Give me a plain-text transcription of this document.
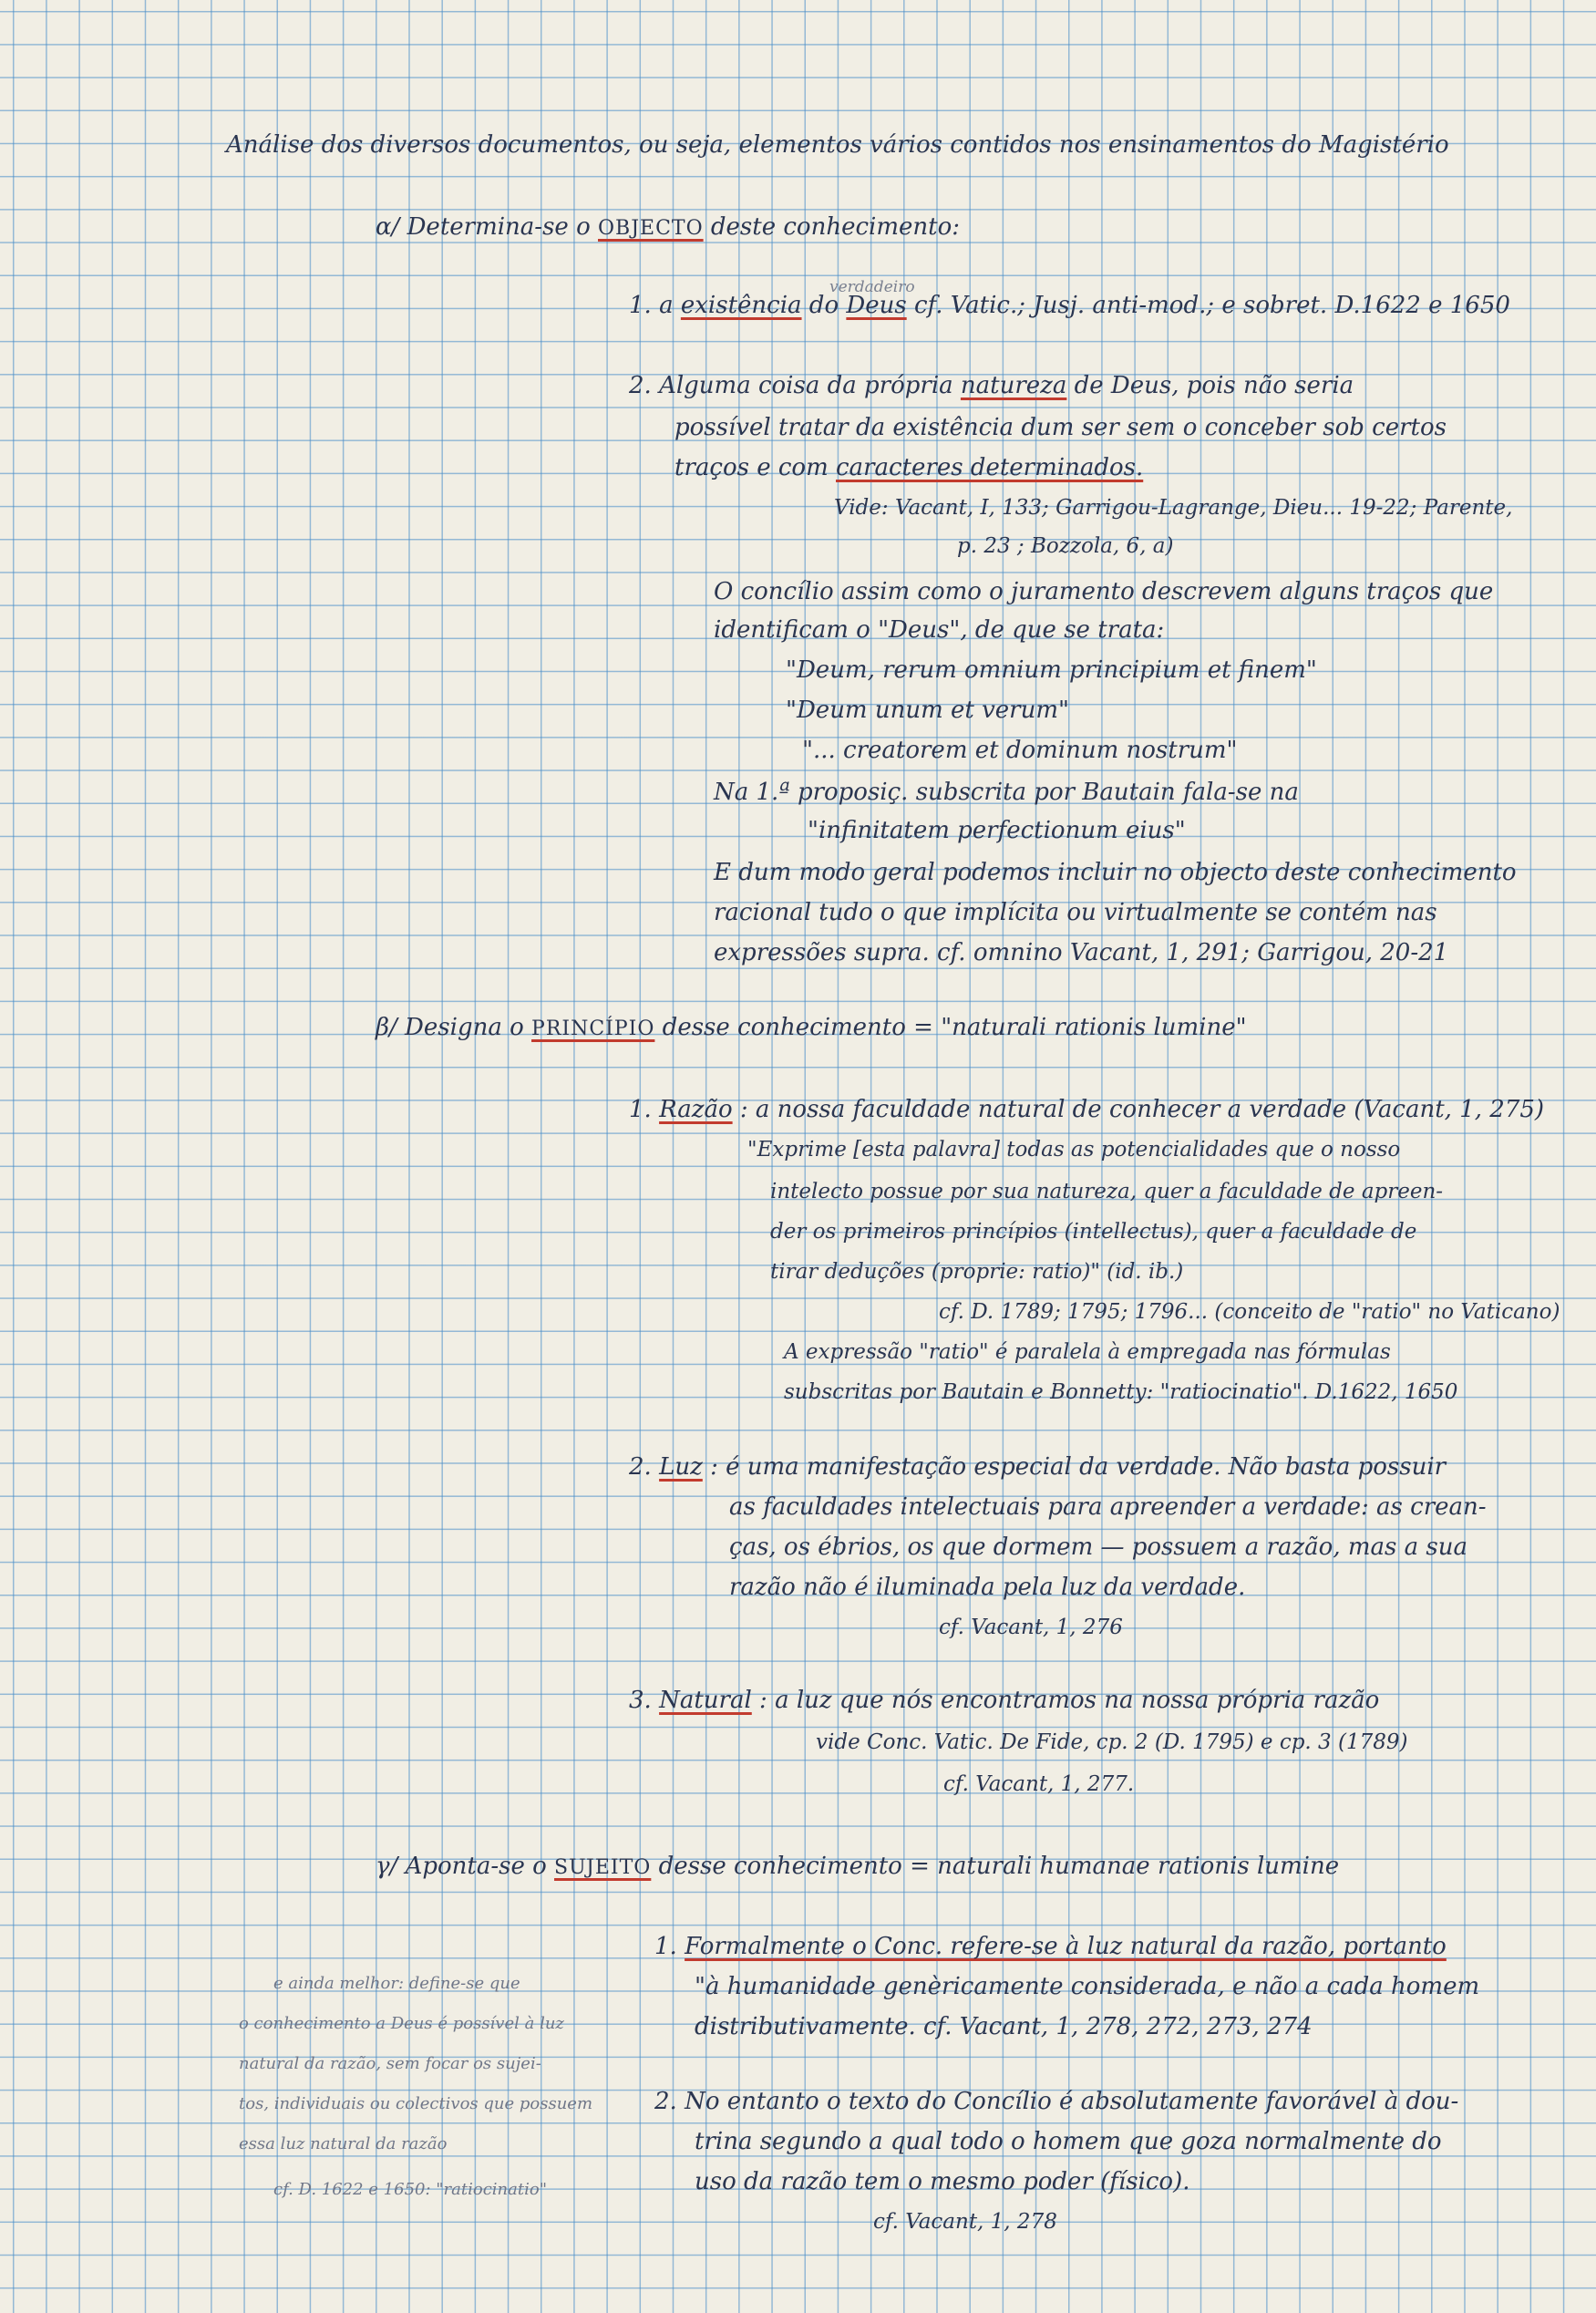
Análise dos diversos documentos, ou seja, elementos vários contidos nos ensinamentos do Magistério
α/ Determina-se o OBJECTO deste conhecimento:
verdadeiro
1. a existência do Deus cf. Vatic.; Jusj. anti-mod.; e sobret. D.1622 e 1650
2. Alguma coisa da própria natureza de Deus, pois não seria
possível tratar da existência dum ser sem o conceber sob certos
traços e com caracteres determinados.
Vide: Vacant, I, 133; Garrigou-Lagrange, Dieu... 19-22; Parente,
p. 23 ; Bozzola, 6, a)
O concílio assim como o juramento descrevem alguns traços que
identificam o "Deus", de que se trata:
"Deum, rerum omnium principium et finem"
"Deum unum et verum"
"... creatorem et dominum nostrum"
Na 1.ª proposiç. subscrita por Bautain fala-se na
"infinitatem perfectionum eius"
E dum modo geral podemos incluir no objecto deste conhecimento
racional tudo o que implícita ou virtualmente se contém nas
expressões supra. cf. omnino Vacant, 1, 291; Garrigou, 20-21
β/ Designa o PRINCÍPIO desse conhecimento = "naturali rationis lumine"
1. Razão : a nossa faculdade natural de conhecer a verdade (Vacant, 1, 275)
"Exprime [esta palavra] todas as potencialidades que o nosso
intelecto possue por sua natureza, quer a faculdade de apreen-
der os primeiros princípios (intellectus), quer a faculdade de
tirar deduções (proprie: ratio)" (id. ib.)
cf. D. 1789; 1795; 1796... (conceito de "ratio" no Vaticano)
A expressão "ratio" é paralela à empregada nas fórmulas
subscritas por Bautain e Bonnetty: "ratiocinatio". D.1622, 1650
2. Luz : é uma manifestação especial da verdade. Não basta possuir
as faculdades intelectuais para apreender a verdade: as crean-
ças, os ébrios, os que dormem — possuem a razão, mas a sua
razão não é iluminada pela luz da verdade.
cf. Vacant, 1, 276
3. Natural : a luz que nós encontramos na nossa própria razão
vide Conc. Vatic. De Fide, cp. 2 (D. 1795) e cp. 3 (1789)
cf. Vacant, 1, 277.
γ/ Aponta-se o SUJEITO desse conhecimento = naturali humanae rationis lumine
1. Formalmente o Conc. refere-se à luz natural da razão, portanto
"à humanidade genèricamente considerada, e não a cada homem
distributivamente. cf. Vacant, 1, 278, 272, 273, 274
2. No entanto o texto do Concílio é absolutamente favorável à dou-
trina segundo a qual todo o homem que goza normalmente do
uso da razão tem o mesmo poder (físico).
cf. Vacant, 1, 278
e ainda melhor: define-se que
o conhecimento a Deus é possível à luz
natural da razão, sem focar os sujei-
tos, individuais ou colectivos que possuem
essa luz natural da razão
cf. D. 1622 e 1650: "ratiocinatio"
